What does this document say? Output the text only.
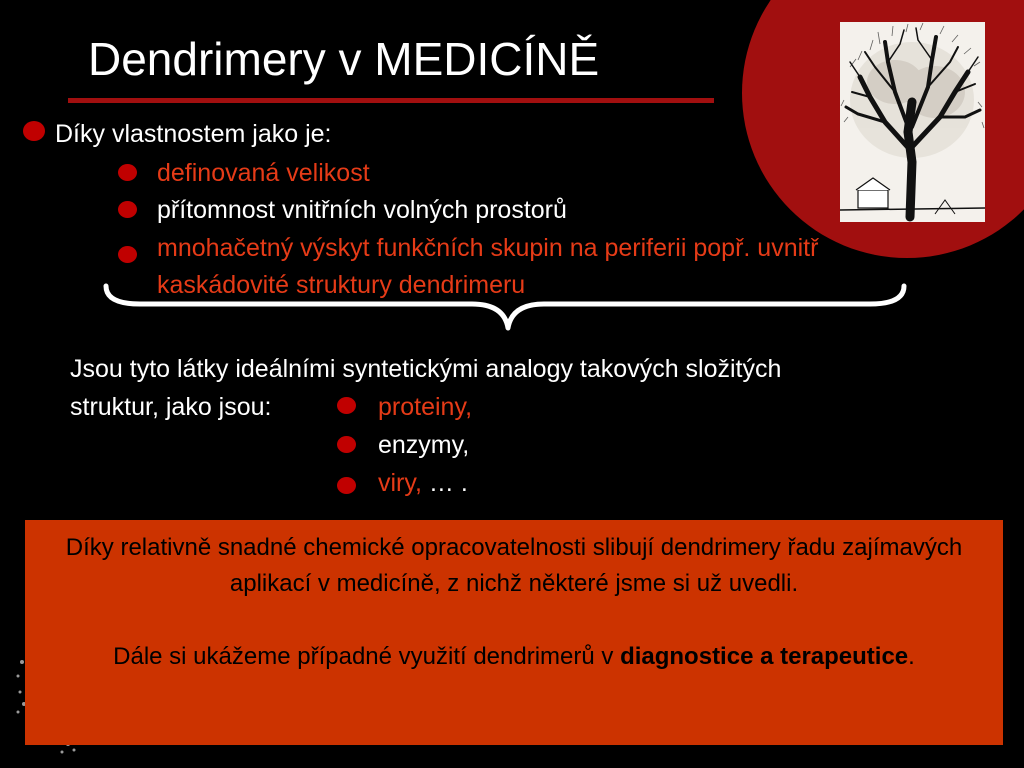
Dendrimery v MEDICÍNĚ
Díky vlastnostem jako je:
definovaná velikost
přítomnost vnitřních volných prostorů
mnohačetný výskyt funkčních skupin na periferii popř. uvnitř
kaskádovité struktury dendrimeru
Jsou tyto látky ideálními syntetickými analogy takových složitých
struktur, jako jsou:	proteiny,
enzymy,
viry, … .
Díky relativně snadné chemické opracovatelnosti slibují dendrimery řadu zajímavých aplikací v medicíně, z nichž některé jsme si už uvedli.
Dále si ukážeme případné využití dendrimerů v diagnostice a terapeutice.
